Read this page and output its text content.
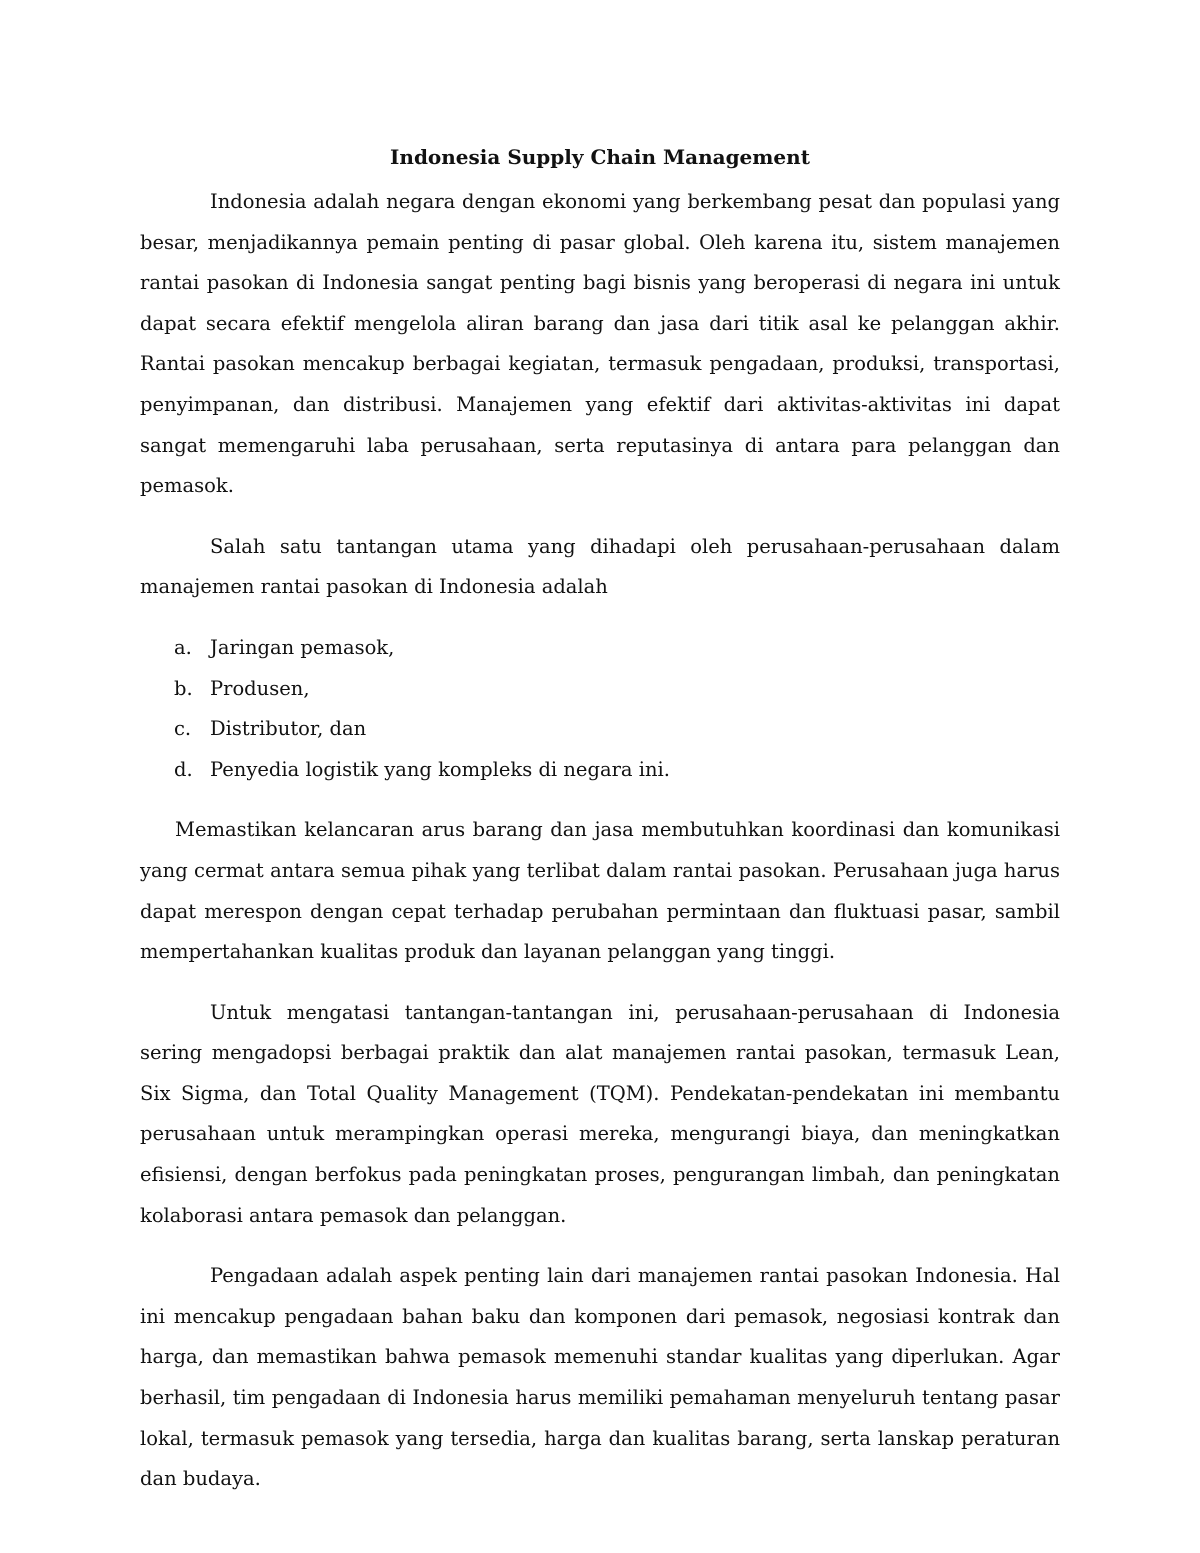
Indonesia Supply Chain Management

Indonesia adalah negara dengan ekonomi yang berkembang pesat dan populasi yang besar, menjadikannya pemain penting di pasar global. Oleh karena itu, sistem manajemen rantai pasokan di Indonesia sangat penting bagi bisnis yang beroperasi di negara ini untuk dapat secara efektif mengelola aliran barang dan jasa dari titik asal ke pelanggan akhir. Rantai pasokan mencakup berbagai kegiatan, termasuk pengadaan, produksi, transportasi, penyimpanan, dan distribusi. Manajemen yang efektif dari aktivitas-aktivitas ini dapat sangat memengaruhi laba perusahaan, serta reputasinya di antara para pelanggan dan pemasok.

Salah satu tantangan utama yang dihadapi oleh perusahaan-perusahaan dalam manajemen rantai pasokan di Indonesia adalah

a. Jaringan pemasok,
b. Produsen,
c. Distributor, dan
d. Penyedia logistik yang kompleks di negara ini.

Memastikan kelancaran arus barang dan jasa membutuhkan koordinasi dan komunikasi yang cermat antara semua pihak yang terlibat dalam rantai pasokan. Perusahaan juga harus dapat merespon dengan cepat terhadap perubahan permintaan dan fluktuasi pasar, sambil mempertahankan kualitas produk dan layanan pelanggan yang tinggi.

Untuk mengatasi tantangan-tantangan ini, perusahaan-perusahaan di Indonesia sering mengadopsi berbagai praktik dan alat manajemen rantai pasokan, termasuk Lean, Six Sigma, dan Total Quality Management (TQM). Pendekatan-pendekatan ini membantu perusahaan untuk merampingkan operasi mereka, mengurangi biaya, dan meningkatkan efisiensi, dengan berfokus pada peningkatan proses, pengurangan limbah, dan peningkatan kolaborasi antara pemasok dan pelanggan.

Pengadaan adalah aspek penting lain dari manajemen rantai pasokan Indonesia. Hal ini mencakup pengadaan bahan baku dan komponen dari pemasok, negosiasi kontrak dan harga, dan memastikan bahwa pemasok memenuhi standar kualitas yang diperlukan. Agar berhasil, tim pengadaan di Indonesia harus memiliki pemahaman menyeluruh tentang pasar lokal, termasuk pemasok yang tersedia, harga dan kualitas barang, serta lanskap peraturan dan budaya.
